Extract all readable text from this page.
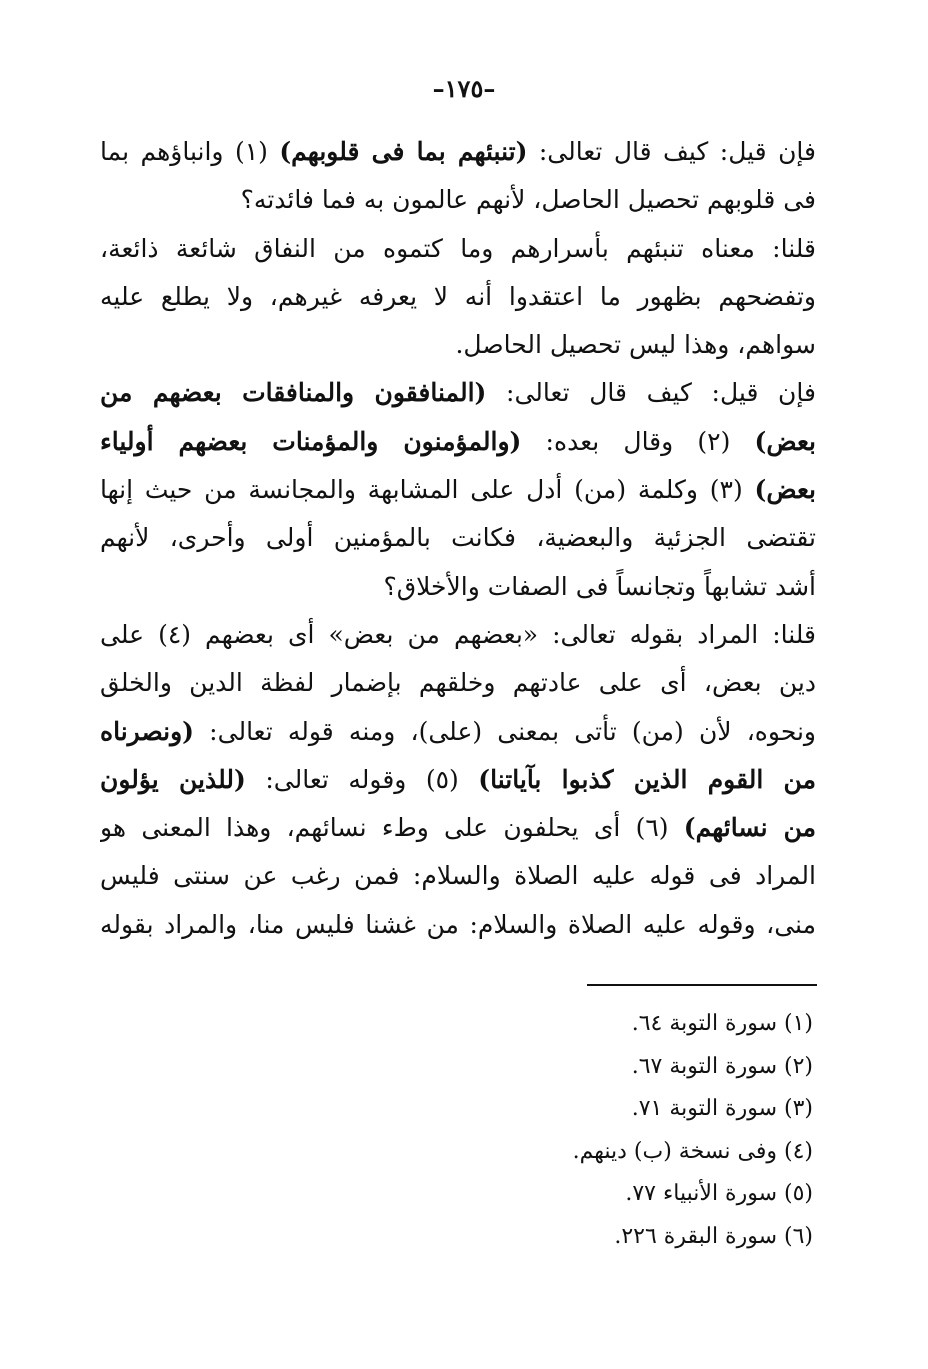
–١٧٥–
فإن قيل: كيف قال تعالى: (تنبئهم بما فى قلوبهم) (١) وانباؤهم بما
فى قلوبهم تحصيل الحاصل، لأنهم عالمون به فما فائدته؟
قلنا: معناه تنبئهم بأسرارهم وما كتموه من النفاق شائعة ذائعة،
وتفضحهم بظهور ما اعتقدوا أنه لا يعرفه غيرهم، ولا يطلع عليه
سواهم، وهذا ليس تحصيل الحاصل.
فإن قيل: كيف قال تعالى: (المنافقون والمنافقات بعضهم من
بعض) (٢) وقال بعده: (والمؤمنون والمؤمنات بعضهم أولياء
بعض) (٣) وكلمة (من) أدل على المشابهة والمجانسة من حيث إنها
تقتضى الجزئية والبعضية، فكانت بالمؤمنين أولى وأحرى، لأنهم
أشد تشابهاً وتجانساً فى الصفات والأخلاق؟
قلنا: المراد بقوله تعالى: «بعضهم من بعض» أى بعضهم (٤) على
دين بعض، أى على عادتهم وخلقهم بإضمار لفظة الدين والخلق
ونحوه، لأن (من) تأتى بمعنى (على)، ومنه قوله تعالى: (ونصرناه
من القوم الذين كذبوا بآياتنا) (٥) وقوله تعالى: (للذين يؤلون
من نسائهم) (٦) أى يحلفون على وطء نسائهم، وهذا المعنى هو
المراد فى قوله عليه الصلاة والسلام: فمن رغب عن سنتى فليس
منى، وقوله عليه الصلاة والسلام: من غشنا فليس منا، والمراد بقوله
(١) سورة التوبة ٦٤.
(٢) سورة التوبة ٦٧.
(٣) سورة التوبة ٧١.
(٤) وفى نسخة (ب) دينهم.
(٥) سورة الأنبياء ٧٧.
(٦) سورة البقرة ٢٢٦.
